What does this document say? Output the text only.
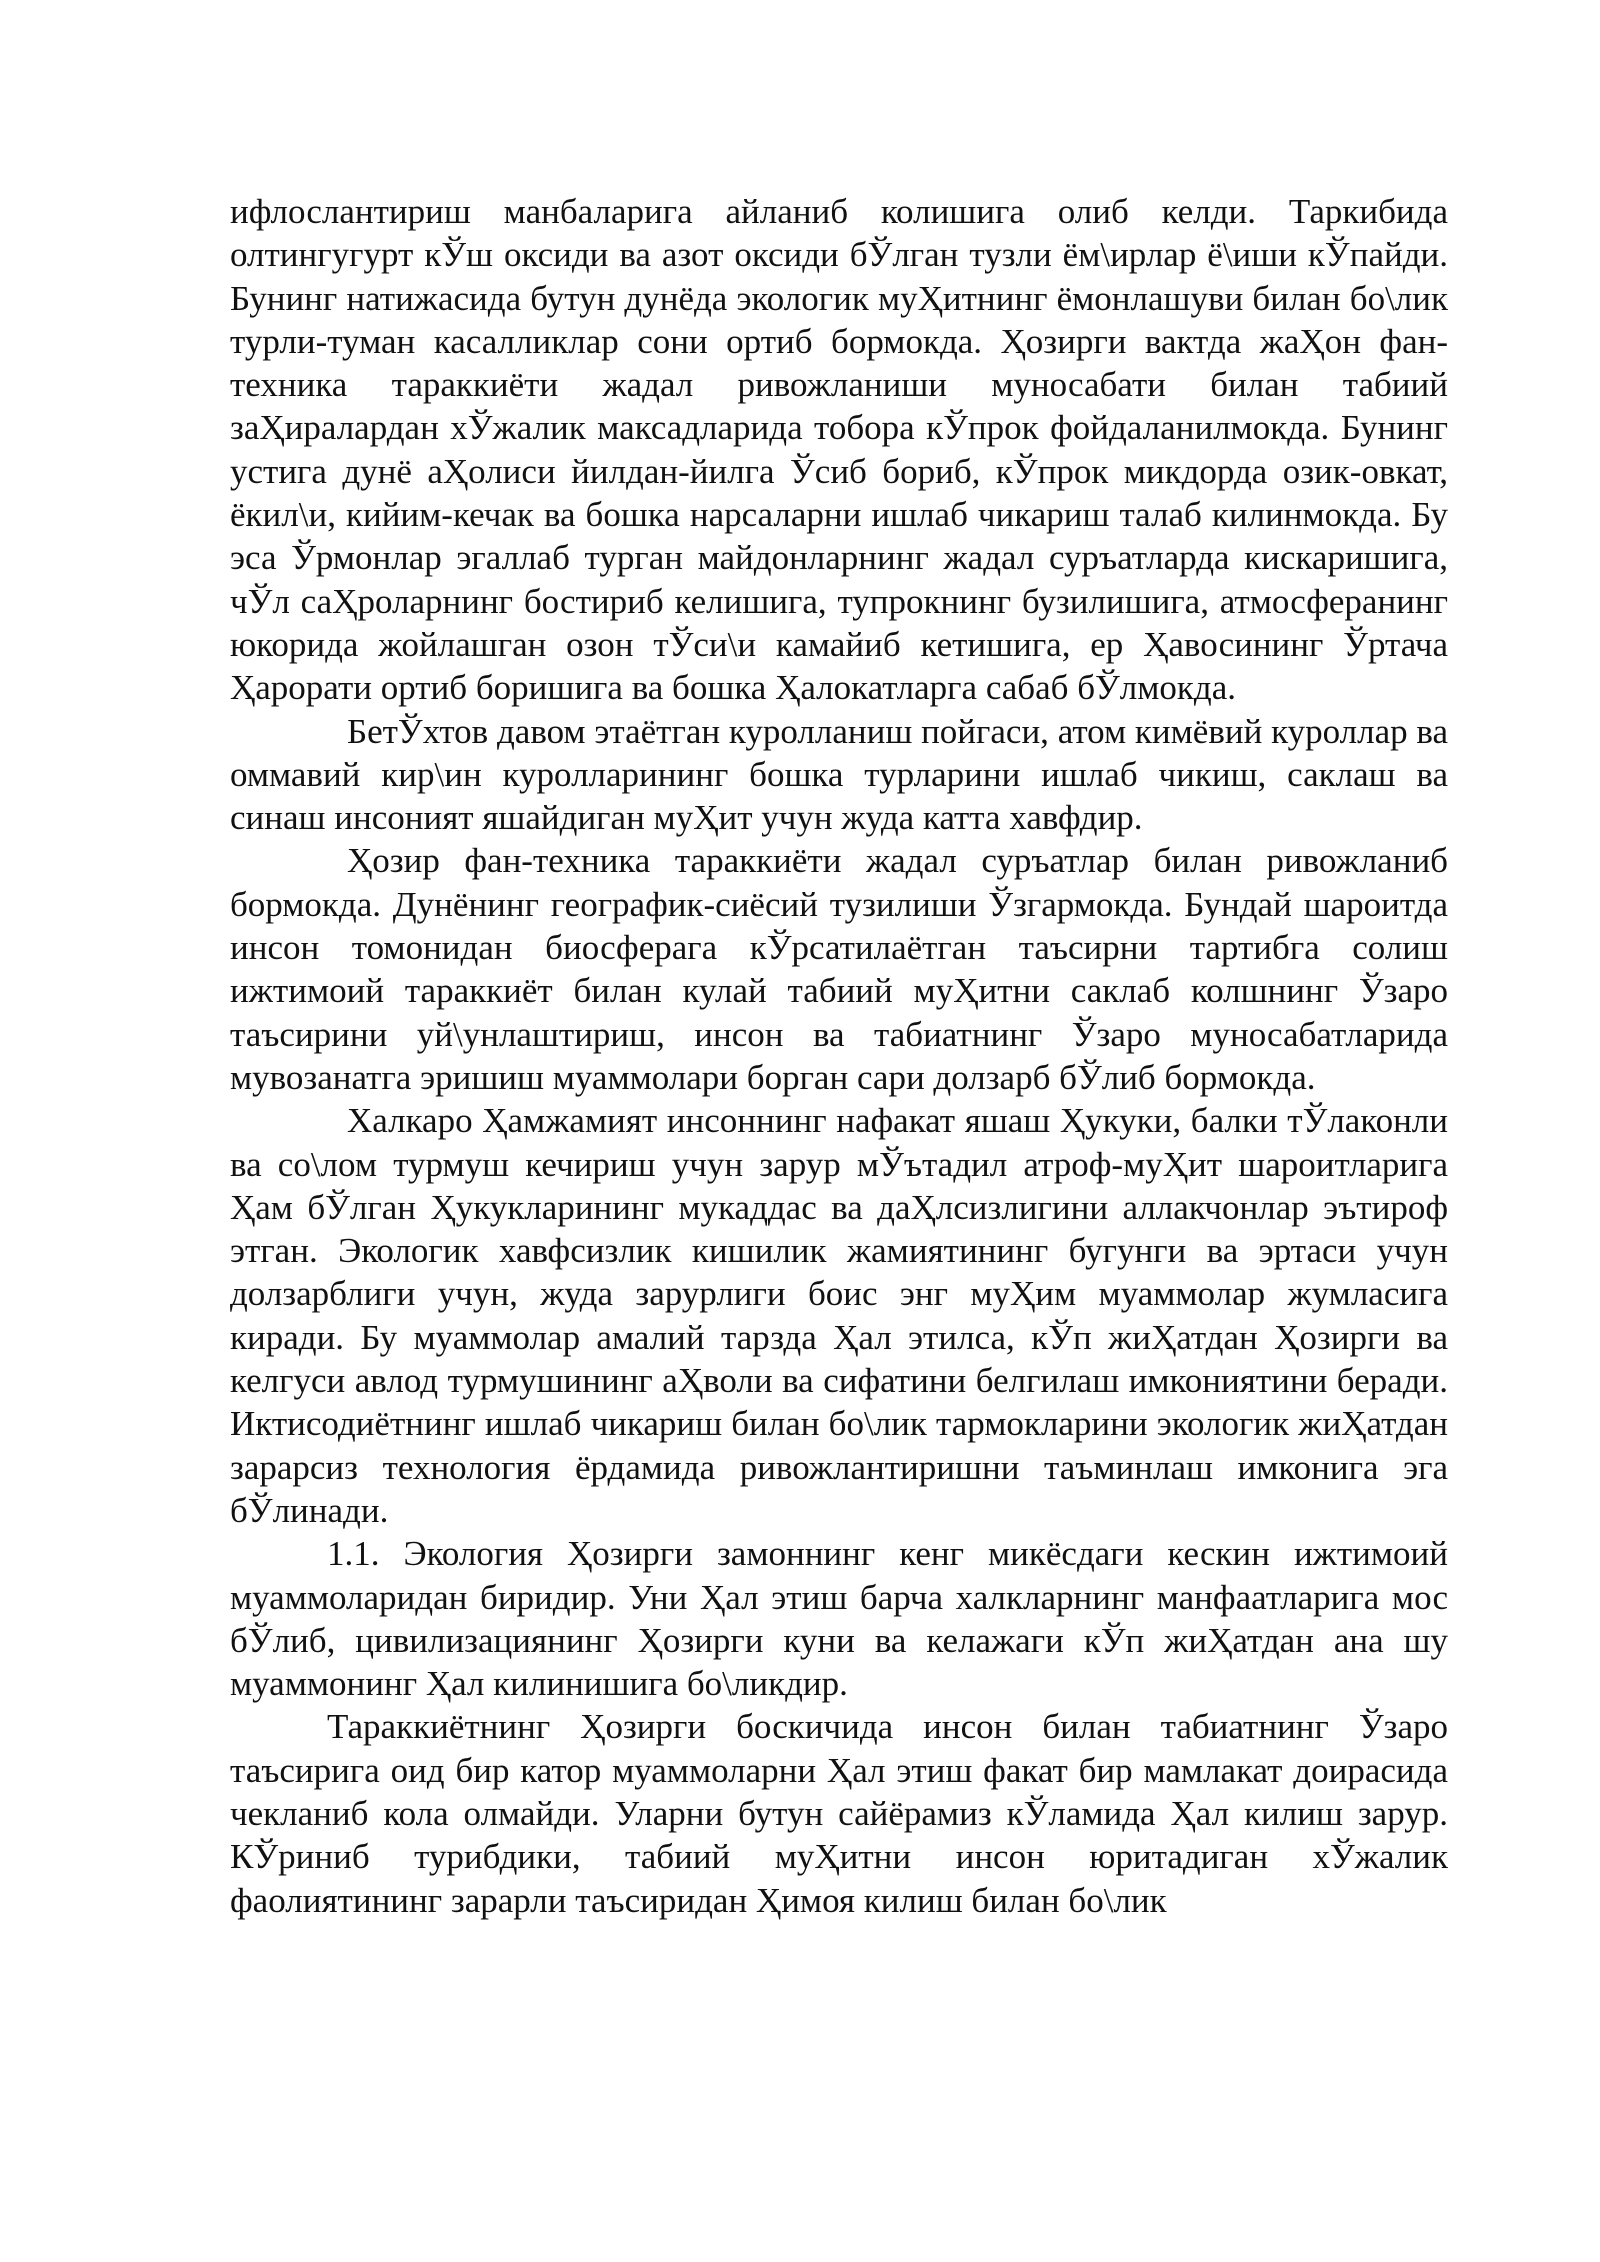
ифлослантириш манбаларига айланиб колишига олиб келди. Таркибида олтингугурт кЎш оксиди ва азот оксиди бЎлган тузли ём\ирлар ё\иши кЎпайди. Бунинг натижасида бутун дунёда экологик муҲитнинг ёмонлашуви билан бо\лик турли-туман касалликлар сони ортиб бормокда. Ҳозирги вактда жаҲон фан-техника тараккиёти жадал ривожланиши муносабати билан табиий заҲиралардан хЎжалик максадларида тобора кЎпрок фойдаланилмокда. Бунинг устига дунё аҲолиси йилдан-йилга Ўсиб бориб, кЎпрок микдорда озик-овкат, ёкил\и, кийим-кечак ва бошка нарсаларни ишлаб чикариш талаб килинмокда. Бу эса Ўрмонлар эгаллаб турган майдонларнинг жадал суръатларда кискаришига, чЎл саҲроларнинг бостириб келишига, тупрокнинг бузилишига, атмосферанинг юкорида жойлашган озон тЎси\и камайиб кетишига, ер Ҳавосининг Ўртача Ҳарорати ортиб боришига ва бошка Ҳалокатларга сабаб бЎлмокда.

БетЎхтов давом этаётган куролланиш пойгаси, атом кимёвий куроллар ва оммавий кир\ин куролларининг бошка турларини ишлаб чикиш, саклаш ва синаш инсоният яшайдиган муҲит учун жуда катта хавфдир.

Ҳозир фан-техника тараккиёти жадал суръатлар билан ривожланиб бормокда. Дунёнинг географик-сиёсий тузилиши Ўзгармокда. Бундай шароитда инсон томонидан биосферага кЎрсатилаётган таъсирни тартибга солиш ижтимоий тараккиёт билан кулай табиий муҲитни саклаб колшнинг Ўзаро таъсирини уй\унлаштириш, инсон ва табиатнинг Ўзаро муносабатларида мувозанатга эришиш муаммолари борган сари долзарб бЎлиб бормокда.

Халкаро Ҳамжамият инсоннинг нафакат яшаш Ҳукуки, балки тЎлаконли ва со\лом турмуш кечириш учун зарур мЎътадил атроф-муҲит шароитларига Ҳам бЎлган Ҳукукларининг мукаддас ва даҲлсизлигини аллакчонлар эътироф этган. Экологик хавфсизлик кишилик жамиятининг бугунги ва эртаси учун долзарблиги учун, жуда зарурлиги боис энг муҲим муаммолар жумласига киради. Бу муаммолар амалий тарзда Ҳал этилса, кЎп жиҲатдан Ҳозирги ва келгуси авлод турмушининг аҲволи ва сифатини белгилаш имкониятини беради. Иктисодиётнинг ишлаб чикариш билан бо\лик тармокларини экологик жиҲатдан зарарсиз технология ёрдамида ривожлантиришни таъминлаш имконига эга бЎлинади.

1.1. Экология Ҳозирги замоннинг кенг микёсдаги кескин ижтимоий муаммоларидан биридир. Уни Ҳал этиш барча халкларнинг манфаатларига мос бЎлиб, цивилизациянинг Ҳозирги куни ва келажаги кЎп жиҲатдан ана шу муаммонинг Ҳал килинишига бо\ликдир.

Тараккиётнинг Ҳозирги боскичида инсон билан табиатнинг Ўзаро таъсирига оид бир катор муаммоларни Ҳал этиш факат бир мамлакат доирасида чекланиб кола олмайди. Уларни бутун сайёрамиз кЎламида Ҳал килиш зарур. КЎриниб турибдики, табиий муҲитни инсон юритадиган хЎжалик фаолиятининг зарарли таъсиридан Ҳимоя килиш билан бо\лик
